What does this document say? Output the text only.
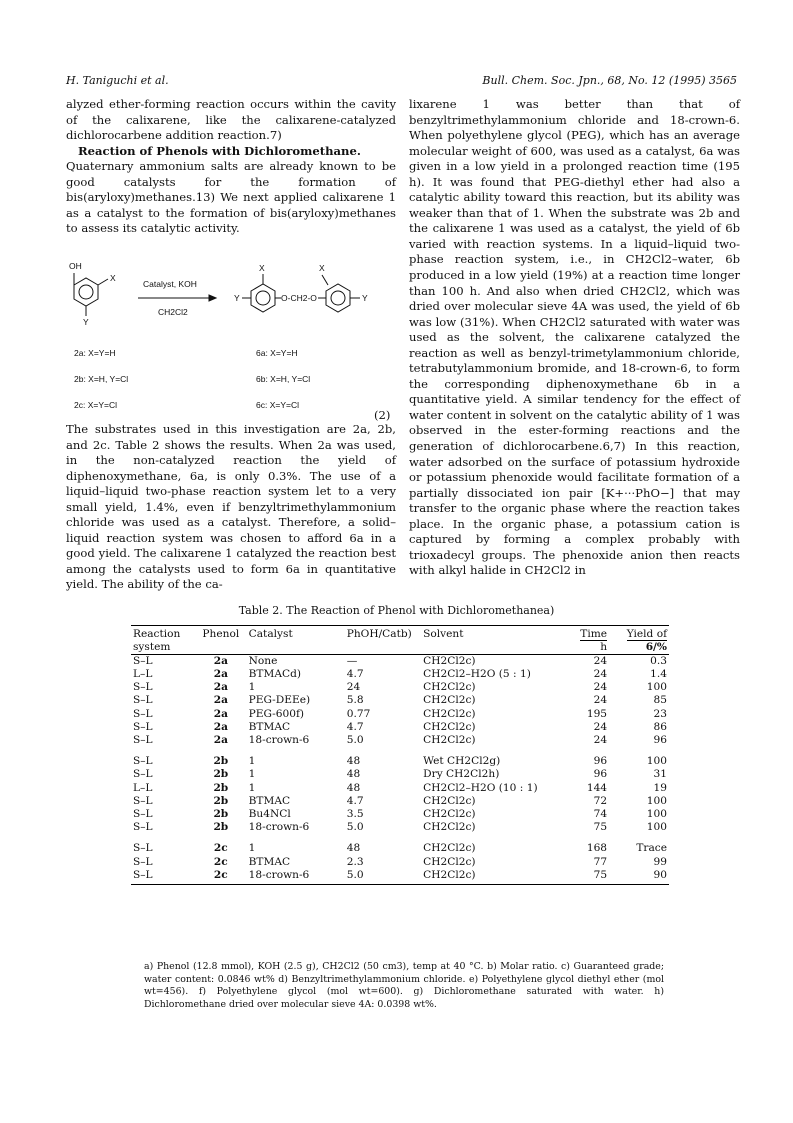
H. Taniguchi et al.	Bull. Chem. Soc. Jpn., 68, No. 12 (1995) 3565

alyzed ether-forming reaction occurs within the cavity of the calixarene, like the calixarene-catalyzed dichlorocarbene addition reaction.7)

Reaction of Phenols with Dichloromethane.

Quaternary ammonium salts are already known to be good catalysts for the formation of bis(aryloxy)methanes.13) We next applied calixarene 1 as a catalyst to the formation of bis(aryloxy)methanes to assess its catalytic activity.

OH
X
Y
Catalyst, KOH
CH2Cl2
X	X
Y	Y
O-CH2-O
2a: X=Y=H
2b: X=H, Y=Cl
2c: X=Y=Cl
6a: X=Y=H
6b: X=H, Y=Cl
6c: X=Y=Cl
(2)

The substrates used in this investigation are 2a, 2b, and 2c. Table 2 shows the results. When 2a was used, in the non-catalyzed reaction the yield of diphenoxymethane, 6a, is only 0.3%. The use of a liquid–liquid two-phase reaction system let to a very small yield, 1.4%, even if benzyltrimethylammonium chloride was used as a catalyst. Therefore, a solid–liquid reaction system was chosen to afford 6a in a good yield. The calixarene 1 catalyzed the reaction best among the catalysts used to form 6a in quantitative yield. The ability of the ca-

lixarene 1 was better than that of benzyltrimethylammonium chloride and 18-crown-6. When polyethylene glycol (PEG), which has an average molecular weight of 600, was used as a catalyst, 6a was given in a low yield in a prolonged reaction time (195 h). It was found that PEG-diethyl ether had also a catalytic ability toward this reaction, but its ability was weaker than that of 1. When the substrate was 2b and the calixarene 1 was used as a catalyst, the yield of 6b varied with reaction systems. In a liquid–liquid two-phase reaction system, i.e., in CH2Cl2–water, 6b produced in a low yield (19%) at a reaction time longer than 100 h. And also when dried CH2Cl2, which was dried over molecular sieve 4A was used, the yield of 6b was low (31%). When CH2Cl2 saturated with water was used as the solvent, the calixarene catalyzed the reaction as well as benzyl-trimetylammonium chloride, tetrabutylammonium bromide, and 18-crown-6, to form the corresponding diphenoxymethane 6b in a quantitative yield. A similar tendency for the effect of water content in solvent on the catalytic ability of 1 was observed in the ester-forming reactions and the generation of dichlorocarbene.6,7) In this reaction, water adsorbed on the surface of potassium hydroxide or potassium phenoxide would facilitate formation of a partially dissociated ion pair [K+···PhO−] that may transfer to the organic phase where the reaction takes place. In the organic phase, a potassium cation is captured by forming a complex probably with trioxadecyl groups. The phenoxide anion then reacts with alkyl halide in CH2Cl2 in

Table 2. The Reaction of Phenol with Dichloromethanea)
Reaction	Phenol	Catalyst	PhOH/Catb)	Solvent	Time	Yield of
system					h	6/%
S–L	2a	None	—	CH2Cl2c)	24	0.3
L–L	2a	BTMACd)	4.7	CH2Cl2–H2O (5 : 1)	24	1.4
S–L	2a	1	24	CH2Cl2c)	24	100
S–L	2a	PEG-DEEe)	5.8	CH2Cl2c)	24	85
S–L	2a	PEG-600f)	0.77	CH2Cl2c)	195	23
S–L	2a	BTMAC	4.7	CH2Cl2c)	24	86
S–L	2a	18-crown-6	5.0	CH2Cl2c)	24	96

S–L	2b	1	48	Wet CH2Cl2g)	96	100
S–L	2b	1	48	Dry CH2Cl2h)	96	31
L–L	2b	1	48	CH2Cl2–H2O (10 : 1)	144	19
S–L	2b	BTMAC	4.7	CH2Cl2c)	72	100
S–L	2b	Bu4NCl	3.5	CH2Cl2c)	74	100
S–L	2b	18-crown-6	5.0	CH2Cl2c)	75	100

S–L	2c	1	48	CH2Cl2c)	168	Trace
S–L	2c	BTMAC	2.3	CH2Cl2c)	77	99
S–L	2c	18-crown-6	5.0	CH2Cl2c)	75	90
a) Phenol (12.8 mmol), KOH (2.5 g), CH2Cl2 (50 cm3), temp at 40 °C. b) Molar ratio. c) Guaranteed grade; water content: 0.0846 wt% d) Benzyltrimethylammonium chloride. e) Polyethylene glycol diethyl ether (mol wt=456). f) Polyethylene glycol (mol wt=600). g) Dichloromethane saturated with water. h) Dichloromethane dried over molecular sieve 4A: 0.0398 wt%.
